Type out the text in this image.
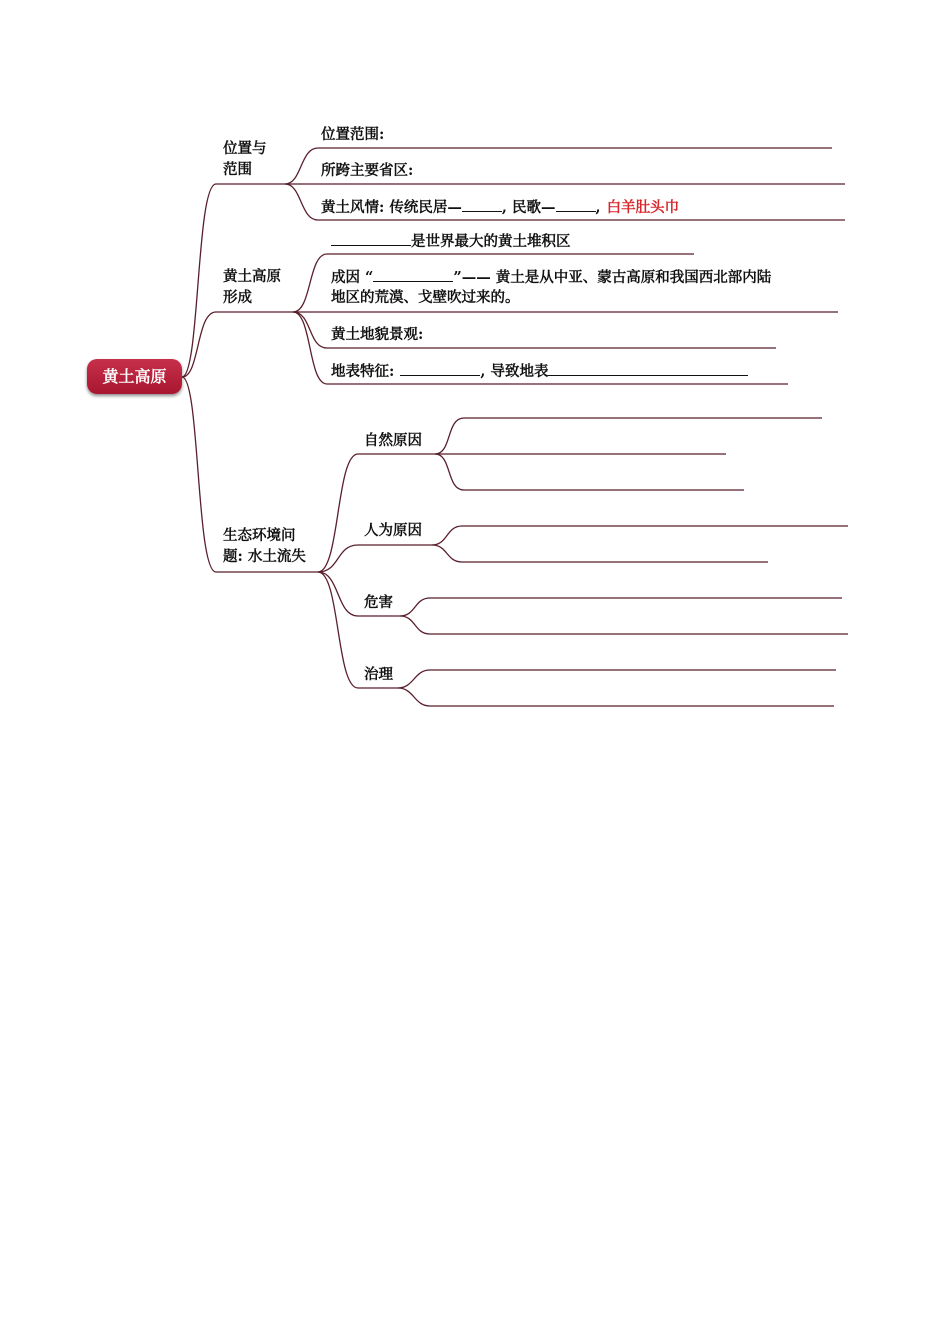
黄土高原
位置与
范围
黄土高原
形成
生态环境问
题: 水土流失
位置范围:
所跨主要省区:
黄土风情: 传统民居—	, 民歌—	, 白羊肚头巾
是世界最大的黄土堆积区
成因 “	”—— 黄土是从中亚、蒙古高原和我国西北部内陆
地区的荒漠、戈壁吹过来的。
黄土地貌景观:
地表特征:	, 导致地表
自然原因
人为原因
危害
治理
